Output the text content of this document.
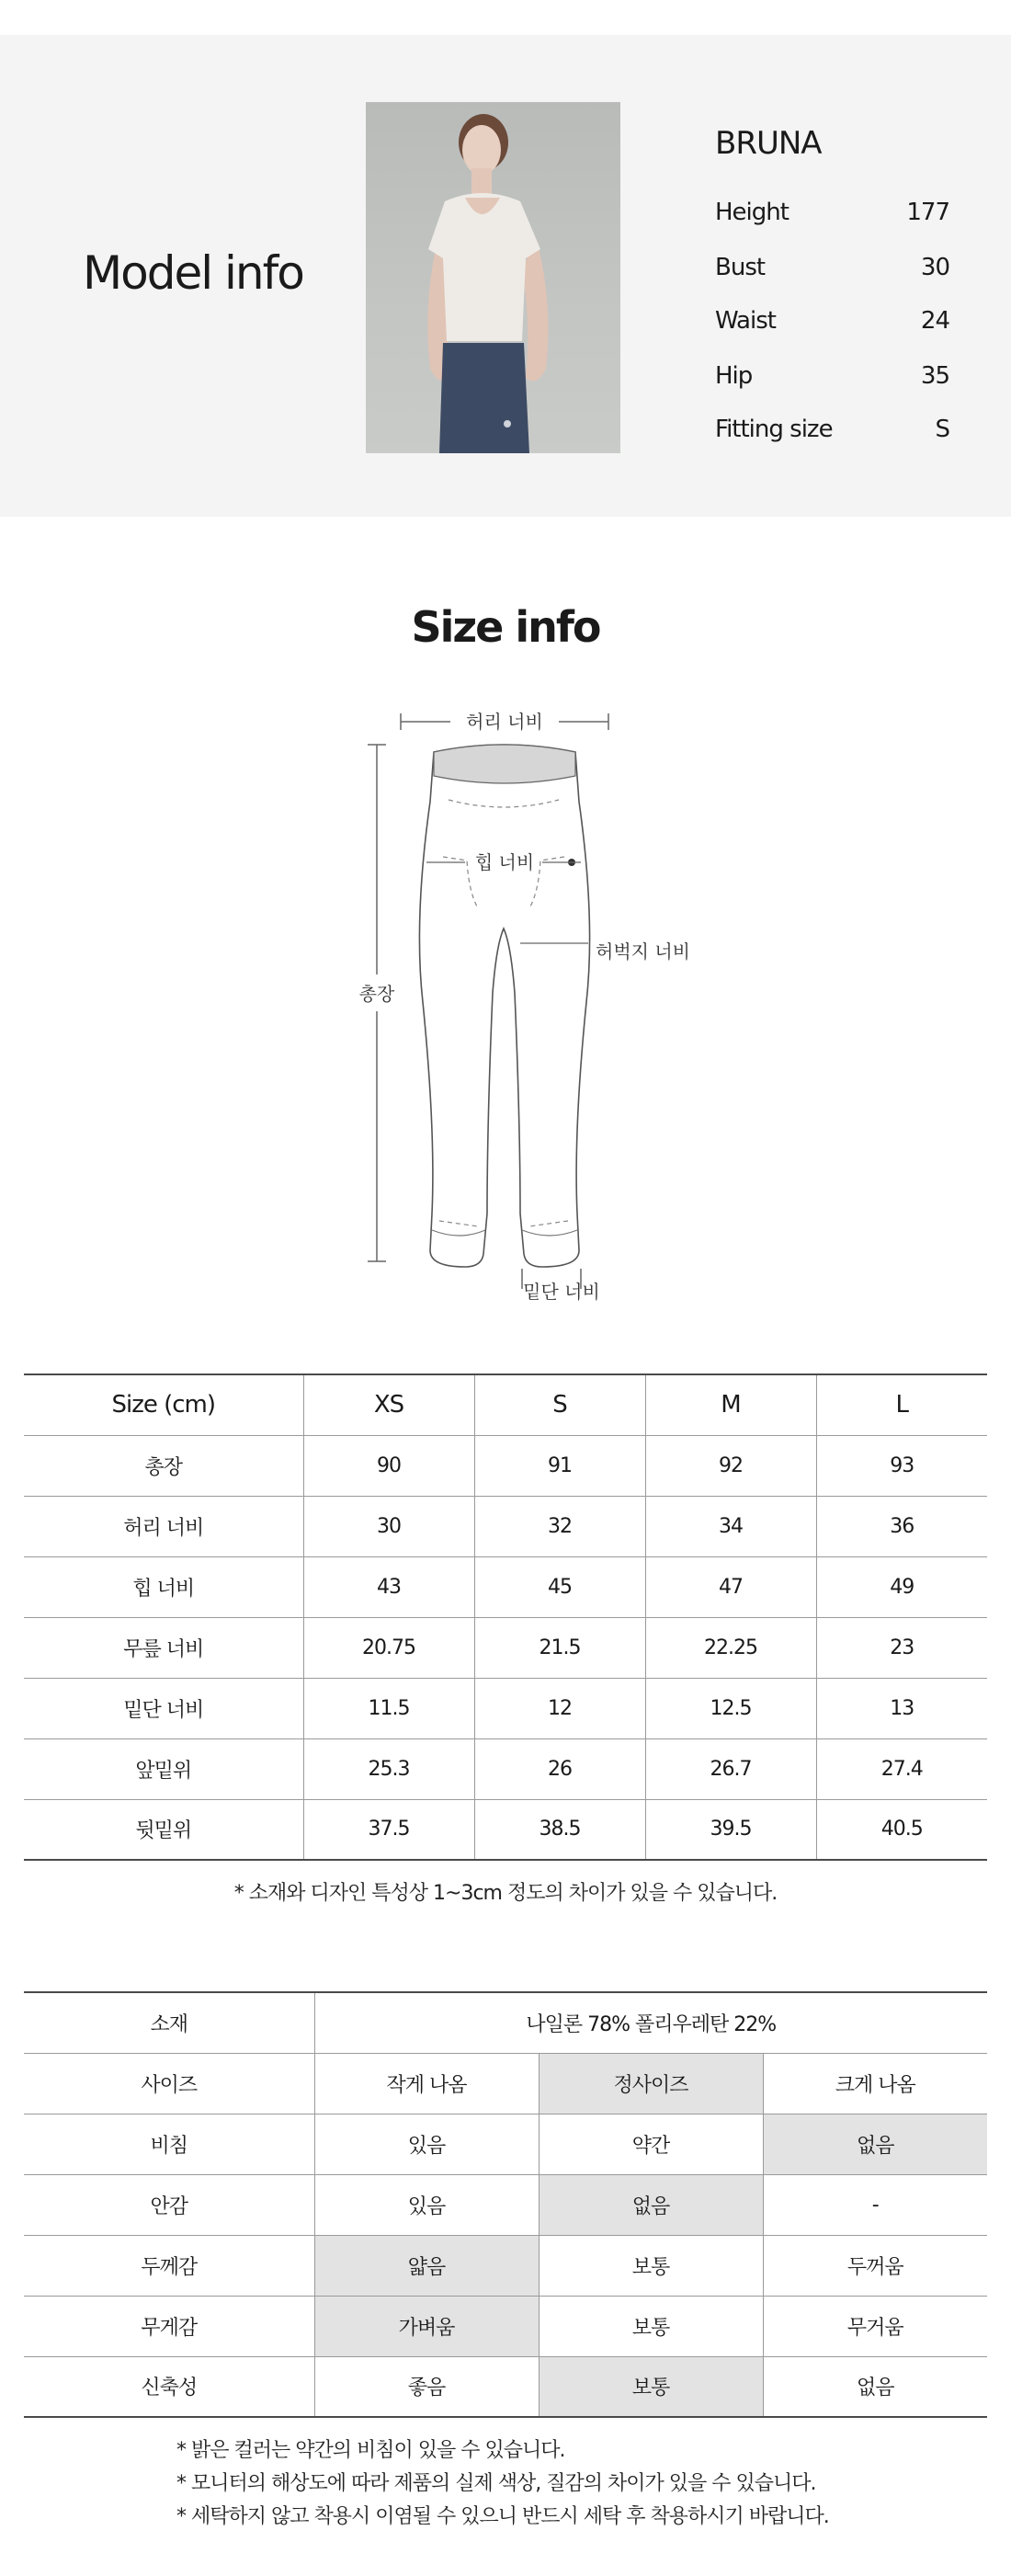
Model info
BRUNA
Height	177
Bust	30
Waist	24
Hip	35
Fitting size	S
Size info
허리 너비
힙 너비
허벅지 너비
총장
밑단 너비
Size (cm)	XS	S	M	L
총장	90	91	92	93
허리 너비	30	32	34	36
힙 너비	43	45	47	49
무릎 너비	20.75	21.5	22.25	23
밑단 너비	11.5	12	12.5	13
앞밑위	25.3	26	26.7	27.4
뒷밑위	37.5	38.5	39.5	40.5
* 소재와 디자인 특성상 1~3cm 정도의 차이가 있을 수 있습니다.
소재	나일론 78% 폴리우레탄 22%		
사이즈	작게 나옴	정사이즈	크게 나옴
비침	있음	약간	없음
안감	있음	없음	-
두께감	얇음	보통	두꺼움
무게감	가벼움	보통	무거움
신축성	좋음	보통	없음
* 밝은 컬러는 약간의 비침이 있을 수 있습니다.
* 모니터의 해상도에 따라 제품의 실제 색상, 질감의 차이가 있을 수 있습니다.
* 세탁하지 않고 착용시 이염될 수 있으니 반드시 세탁 후 착용하시기 바랍니다.
